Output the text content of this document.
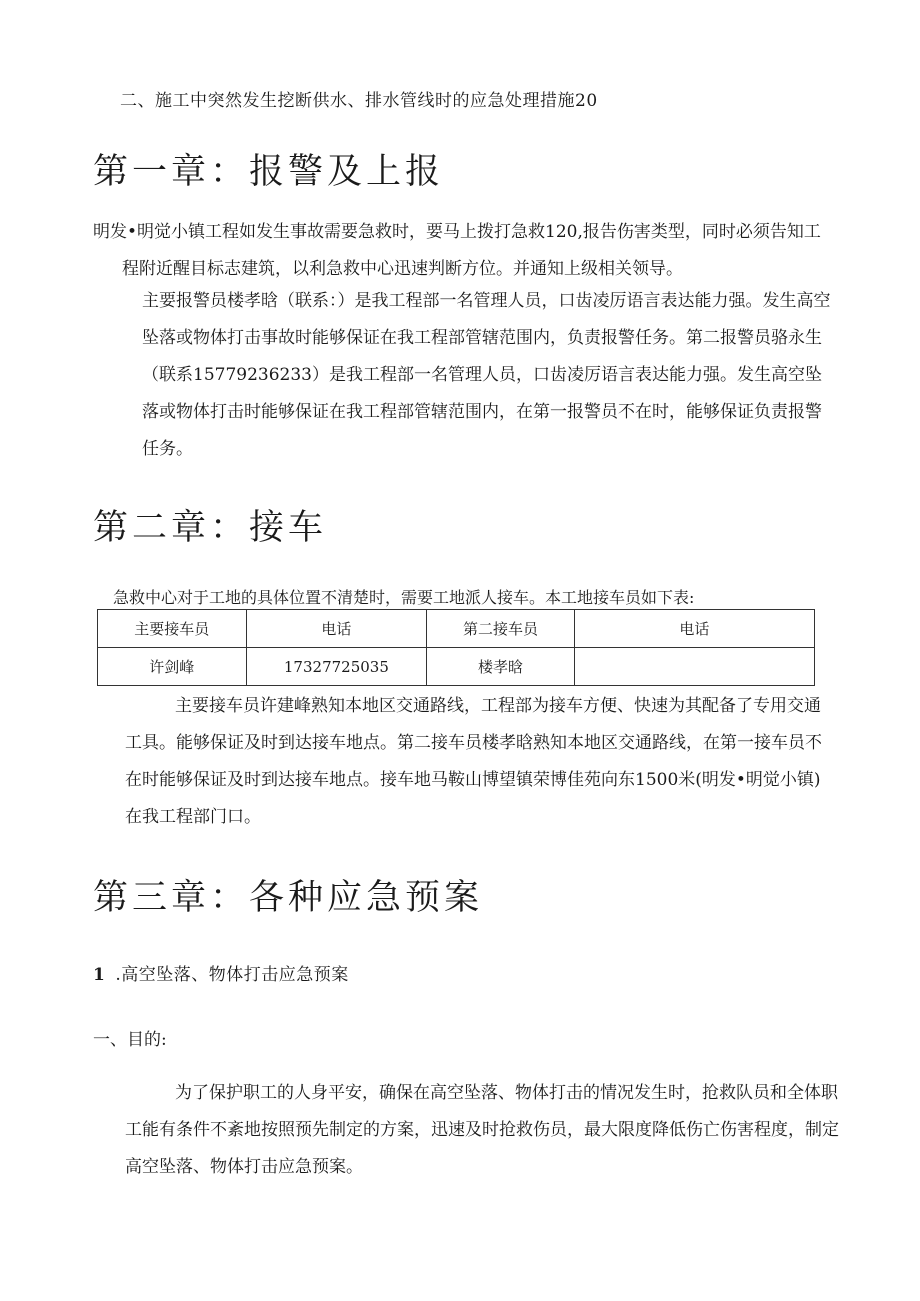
二、施工中突然发生挖断供水、排水管线时的应急处理措施20
第一章：报警及上报
明发•明觉小镇工程如发生事故需要急救时，要马上拨打急救120,报告伤害类型，同时必须告知工
程附近醒目标志建筑，以利急救中心迅速判断方位。并通知上级相关领导。
主要报警员楼孝晗（联系：）是我工程部一名管理人员，口齿凌厉语言表达能力强。发生高空坠落或物体打击事故时能够保证在我工程部管辖范围内，负责报警任务。第二报警员骆永生（联系15779236233）是我工程部一名管理人员，口齿凌厉语言表达能力强。发生高空坠落或物体打击时能够保证在我工程部管辖范围内，在第一报警员不在时，能够保证负责报警任务。
第二章：接车
急救中心对于工地的具体位置不清楚时，需要工地派人接车。本工地接车员如下表:
主要接车员	电话	第二接车员	电话
许剑峰	17327725035	楼孝晗	
主要接车员许建峰熟知本地区交通路线，工程部为接车方便、快速为其配备了专用交通工具。能够保证及时到达接车地点。第二接车员楼孝晗熟知本地区交通路线，在第一接车员不在时能够保证及时到达接车地点。接车地马鞍山博望镇荣博佳苑向东1500米(明发•明觉小镇)在我工程部门口。
第三章：各种应急预案
1 .高空坠落、物体打击应急预案
一、目的:
为了保护职工的人身平安，确保在高空坠落、物体打击的情况发生时，抢救队员和全体职工能有条件不紊地按照预先制定的方案，迅速及时抢救伤员，最大限度降低伤亡伤害程度，制定高空坠落、物体打击应急预案。
